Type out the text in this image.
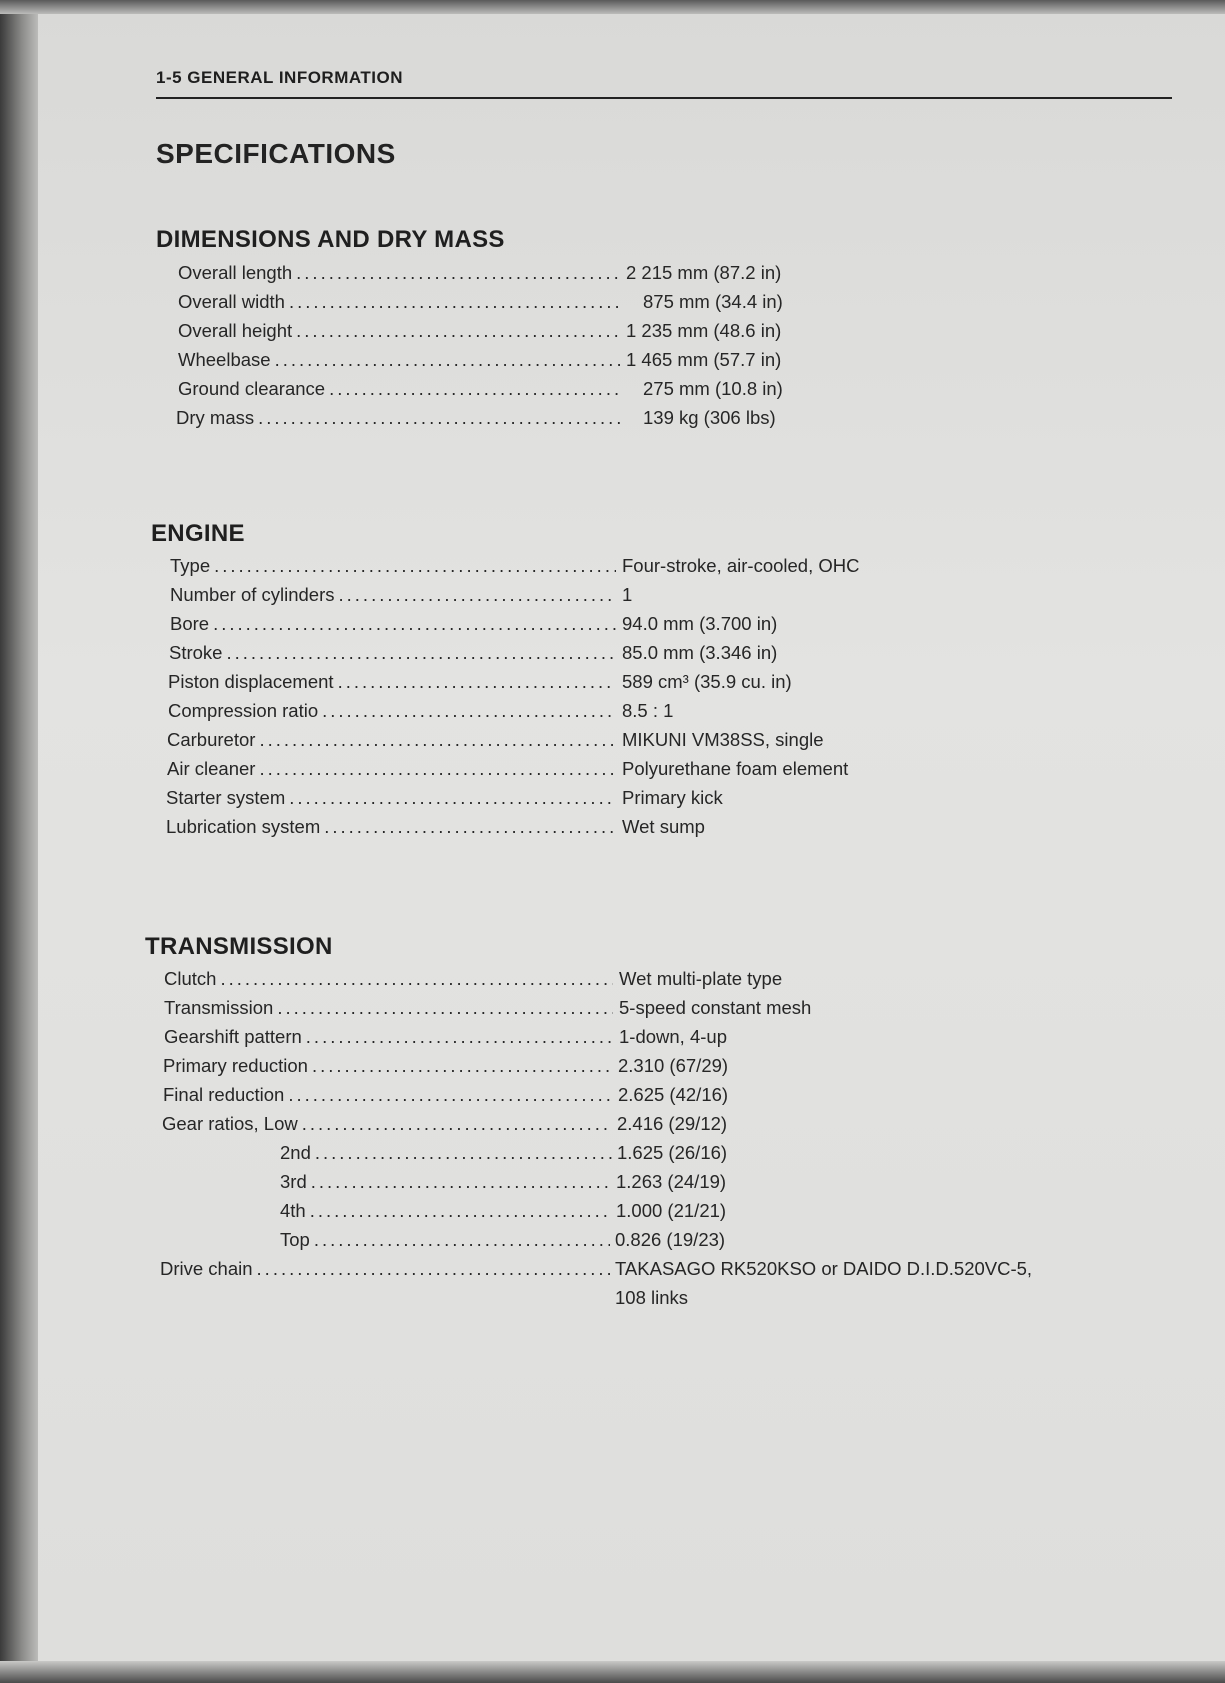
1-5 GENERAL INFORMATION
SPECIFICATIONS
DIMENSIONS AND DRY MASS
Overall length .....	2 215 mm (87.2 in)
Overall width .....	875 mm (34.4 in)
Overall height .....	1 235 mm (48.6 in)
Wheelbase .....	1 465 mm (57.7 in)
Ground clearance .....	275 mm (10.8 in)
Dry mass .....	139 kg (306 lbs)
ENGINE
Type .....	Four-stroke, air-cooled, OHC
Number of cylinders .....	1
Bore .....	94.0 mm (3.700 in)
Stroke .....	85.0 mm (3.346 in)
Piston displacement .....	589 cm³ (35.9 cu. in)
Compression ratio .....	8.5 : 1
Carburetor .....	MIKUNI VM38SS, single
Air cleaner .....	Polyurethane foam element
Starter system .....	Primary kick
Lubrication system .....	Wet sump
TRANSMISSION
Clutch .....	Wet multi-plate type
Transmission .....	5-speed constant mesh
Gearshift pattern .....	1-down, 4-up
Primary reduction .....	2.310 (67/29)
Final reduction .....	2.625 (42/16)
Gear ratios, Low .....	2.416 (29/12)
2nd .....	1.625 (26/16)
3rd .....	1.263 (24/19)
4th .....	1.000 (21/21)
Top .....	0.826 (19/23)
Drive chain .....	TAKASAGO RK520KSO or DAIDO D.I.D.520VC-5,
108 links
